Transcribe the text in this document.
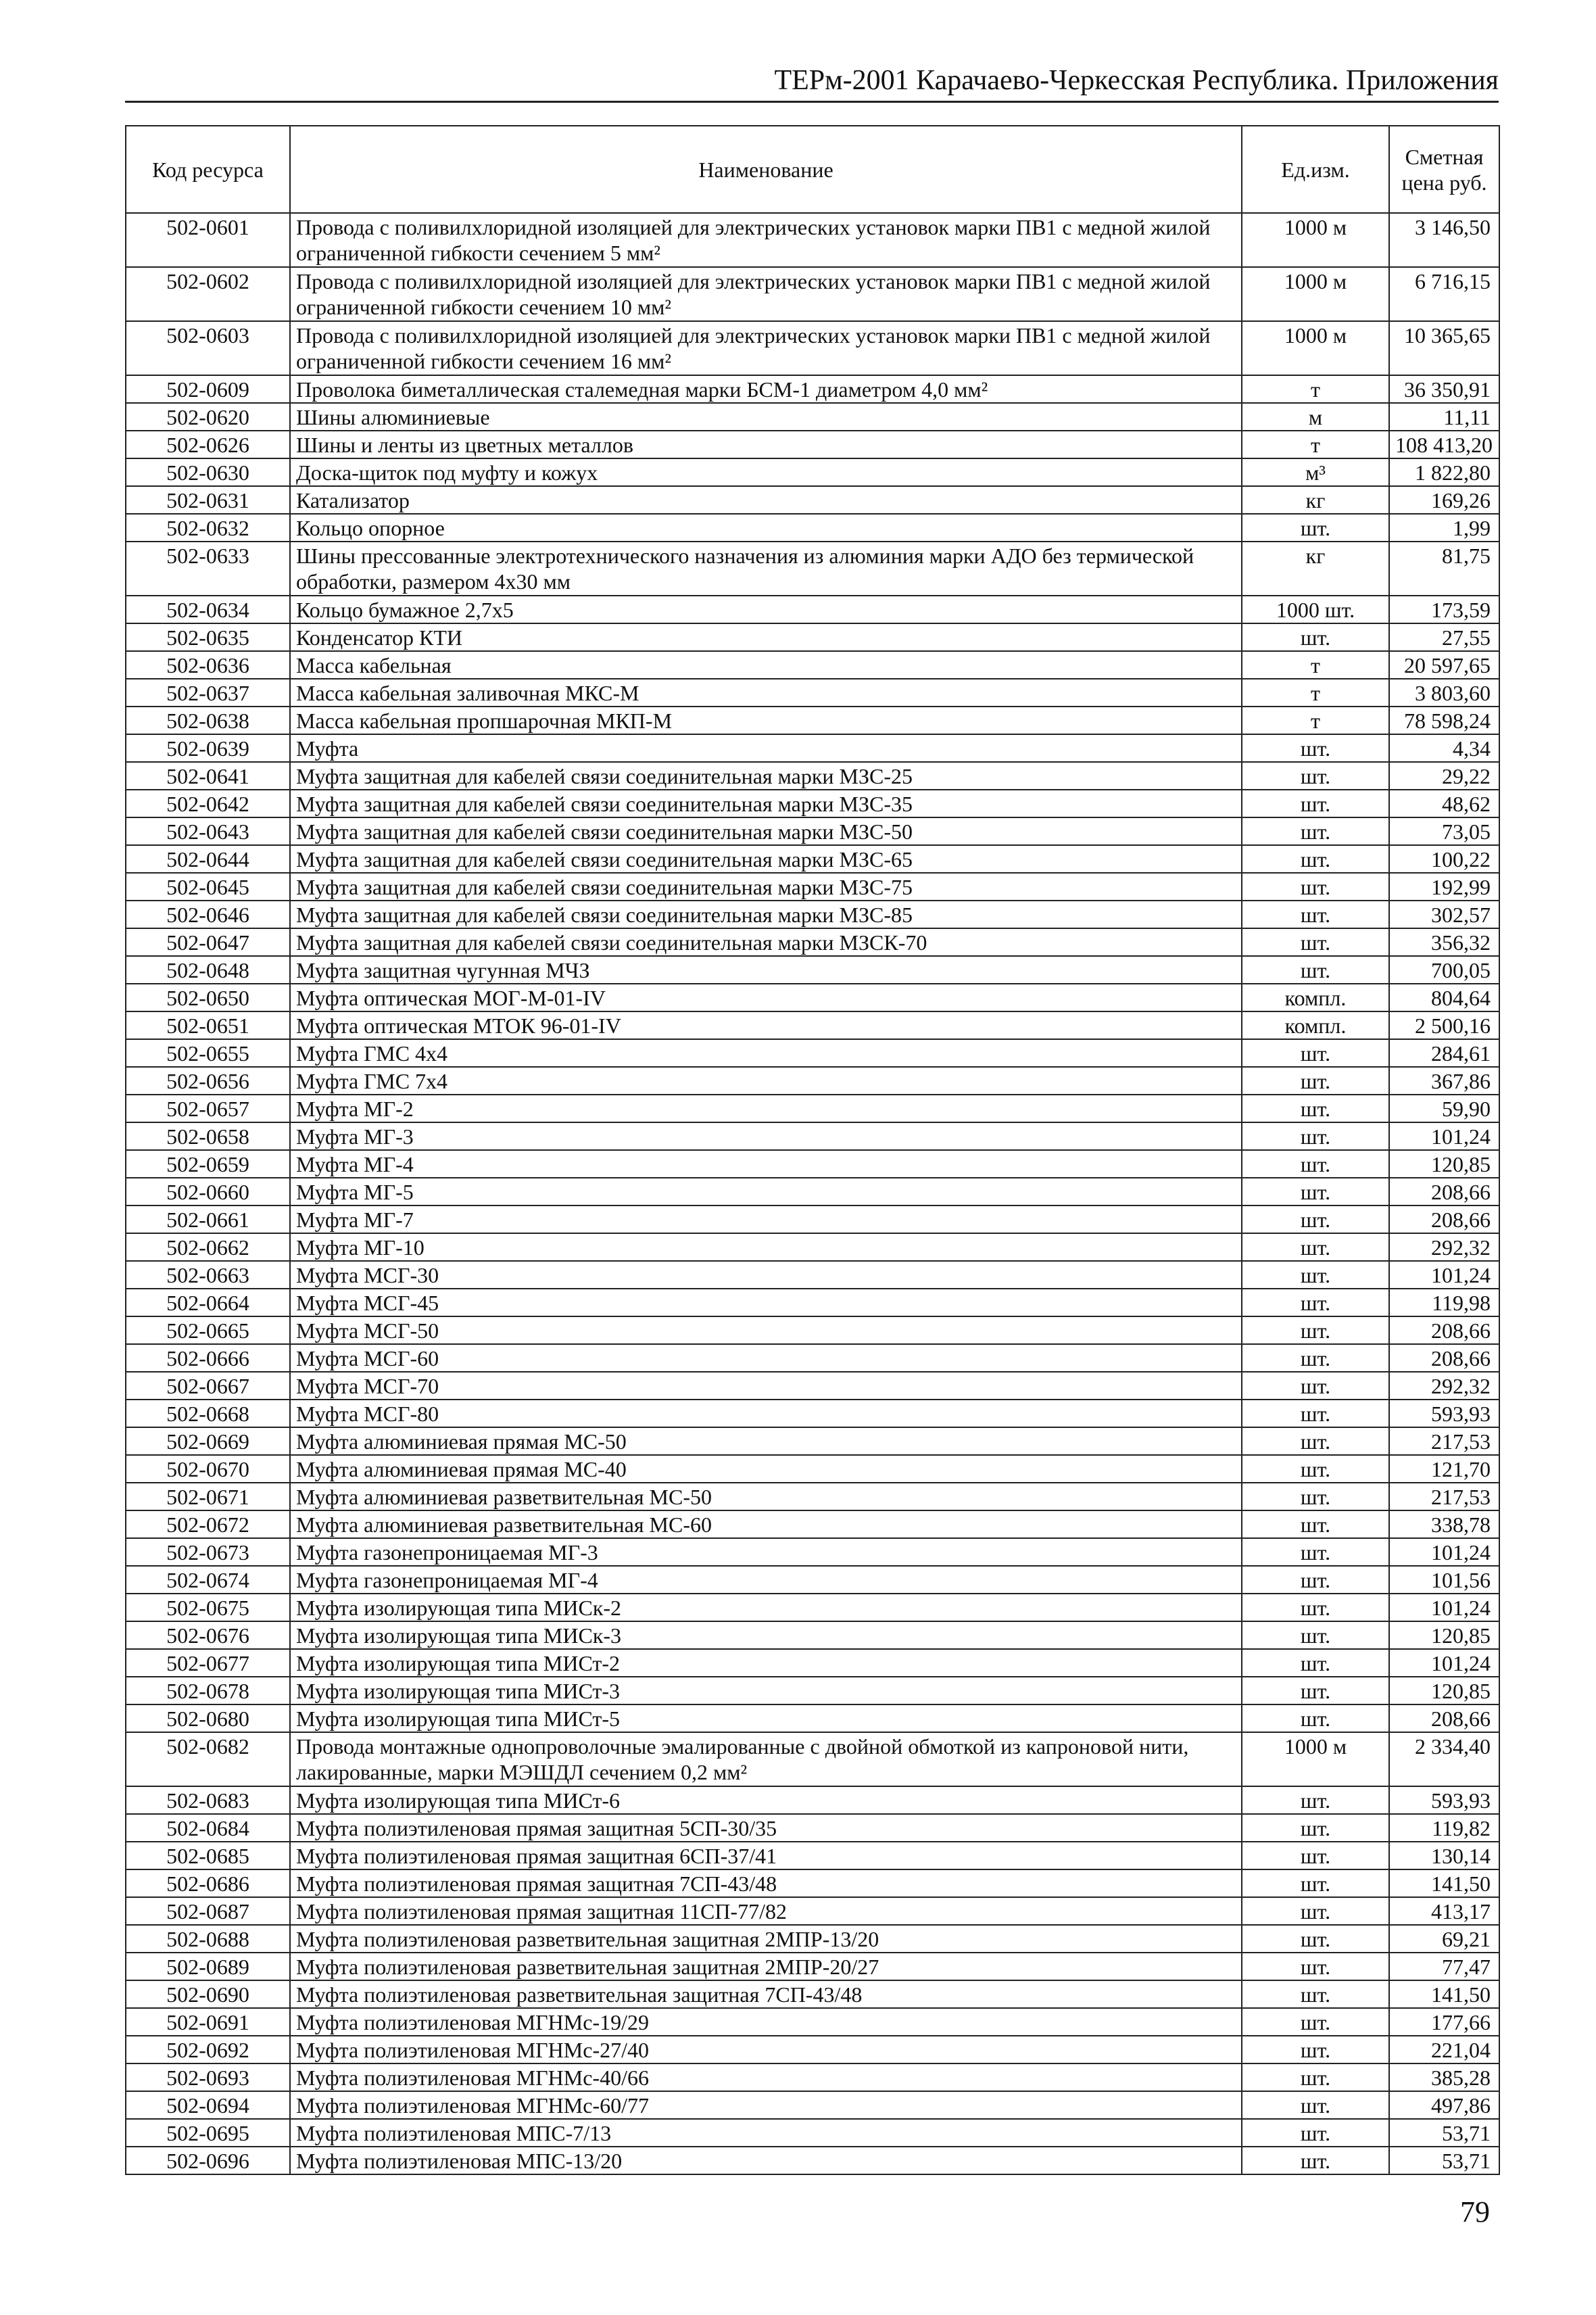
ТЕРм-2001 Карачаево-Черкесская Республика. Приложения
Код ресурса	Наименование	Ед.изм.	Сметная цена руб.
502-0601	Провода с поливилхлоридной изоляцией для электрических установок марки ПВ1 с медной жилой ограниченной гибкости сечением 5 мм²	1000 м	3 146,50
502-0602	Провода с поливилхлоридной изоляцией для электрических установок марки ПВ1 с медной жилой ограниченной гибкости сечением 10 мм²	1000 м	6 716,15
502-0603	Провода с поливилхлоридной изоляцией для электрических установок марки ПВ1 с медной жилой ограниченной гибкости сечением 16 мм²	1000 м	10 365,65
502-0609	Проволока биметаллическая сталемедная марки БСМ-1 диаметром 4,0 мм²	т	36 350,91
502-0620	Шины алюминиевые	м	11,11
502-0626	Шины и ленты из цветных металлов	т	108 413,20
502-0630	Доска-щиток под муфту и кожух	м³	1 822,80
502-0631	Катализатор	кг	169,26
502-0632	Кольцо опорное	шт.	1,99
502-0633	Шины прессованные электротехнического назначения из алюминия марки АДО без термической обработки, размером 4х30 мм	кг	81,75
502-0634	Кольцо бумажное 2,7х5	1000 шт.	173,59
502-0635	Конденсатор КТИ	шт.	27,55
502-0636	Масса кабельная	т	20 597,65
502-0637	Масса кабельная заливочная МКС-М	т	3 803,60
502-0638	Масса кабельная пропшарочная МКП-М	т	78 598,24
502-0639	Муфта	шт.	4,34
502-0641	Муфта защитная для кабелей связи соединительная марки МЗС-25	шт.	29,22
502-0642	Муфта защитная для кабелей связи соединительная марки МЗС-35	шт.	48,62
502-0643	Муфта защитная для кабелей связи соединительная марки МЗС-50	шт.	73,05
502-0644	Муфта защитная для кабелей связи соединительная марки МЗС-65	шт.	100,22
502-0645	Муфта защитная для кабелей связи соединительная марки МЗС-75	шт.	192,99
502-0646	Муфта защитная для кабелей связи соединительная марки МЗС-85	шт.	302,57
502-0647	Муфта защитная для кабелей связи соединительная марки МЗСК-70	шт.	356,32
502-0648	Муфта защитная чугунная МЧЗ	шт.	700,05
502-0650	Муфта оптическая МОГ-М-01-IV	компл.	804,64
502-0651	Муфта оптическая МТОК 96-01-IV	компл.	2 500,16
502-0655	Муфта ГМС 4х4	шт.	284,61
502-0656	Муфта ГМС 7х4	шт.	367,86
502-0657	Муфта МГ-2	шт.	59,90
502-0658	Муфта МГ-3	шт.	101,24
502-0659	Муфта МГ-4	шт.	120,85
502-0660	Муфта МГ-5	шт.	208,66
502-0661	Муфта МГ-7	шт.	208,66
502-0662	Муфта МГ-10	шт.	292,32
502-0663	Муфта МСГ-30	шт.	101,24
502-0664	Муфта МСГ-45	шт.	119,98
502-0665	Муфта МСГ-50	шт.	208,66
502-0666	Муфта МСГ-60	шт.	208,66
502-0667	Муфта МСГ-70	шт.	292,32
502-0668	Муфта МСГ-80	шт.	593,93
502-0669	Муфта алюминиевая прямая МС-50	шт.	217,53
502-0670	Муфта алюминиевая прямая МС-40	шт.	121,70
502-0671	Муфта алюминиевая разветвительная МС-50	шт.	217,53
502-0672	Муфта алюминиевая разветвительная МС-60	шт.	338,78
502-0673	Муфта газонепроницаемая МГ-3	шт.	101,24
502-0674	Муфта газонепроницаемая МГ-4	шт.	101,56
502-0675	Муфта изолирующая типа МИСк-2	шт.	101,24
502-0676	Муфта изолирующая типа МИСк-3	шт.	120,85
502-0677	Муфта изолирующая типа МИСт-2	шт.	101,24
502-0678	Муфта изолирующая типа МИСт-3	шт.	120,85
502-0680	Муфта изолирующая типа МИСт-5	шт.	208,66
502-0682	Провода монтажные однопроволочные эмалированные с двойной обмоткой из капроновой нити, лакированные, марки МЭШДЛ сечением 0,2 мм²	1000 м	2 334,40
502-0683	Муфта изолирующая типа МИСт-6	шт.	593,93
502-0684	Муфта полиэтиленовая прямая защитная 5СП-30/35	шт.	119,82
502-0685	Муфта полиэтиленовая прямая защитная 6СП-37/41	шт.	130,14
502-0686	Муфта полиэтиленовая прямая защитная 7СП-43/48	шт.	141,50
502-0687	Муфта полиэтиленовая прямая защитная 11СП-77/82	шт.	413,17
502-0688	Муфта полиэтиленовая разветвительная защитная 2МПР-13/20	шт.	69,21
502-0689	Муфта полиэтиленовая разветвительная защитная 2МПР-20/27	шт.	77,47
502-0690	Муфта полиэтиленовая разветвительная защитная 7СП-43/48	шт.	141,50
502-0691	Муфта полиэтиленовая МГНМс-19/29	шт.	177,66
502-0692	Муфта полиэтиленовая МГНМс-27/40	шт.	221,04
502-0693	Муфта полиэтиленовая МГНМс-40/66	шт.	385,28
502-0694	Муфта полиэтиленовая МГНМс-60/77	шт.	497,86
502-0695	Муфта полиэтиленовая МПС-7/13	шт.	53,71
502-0696	Муфта полиэтиленовая МПС-13/20	шт.	53,71
79
